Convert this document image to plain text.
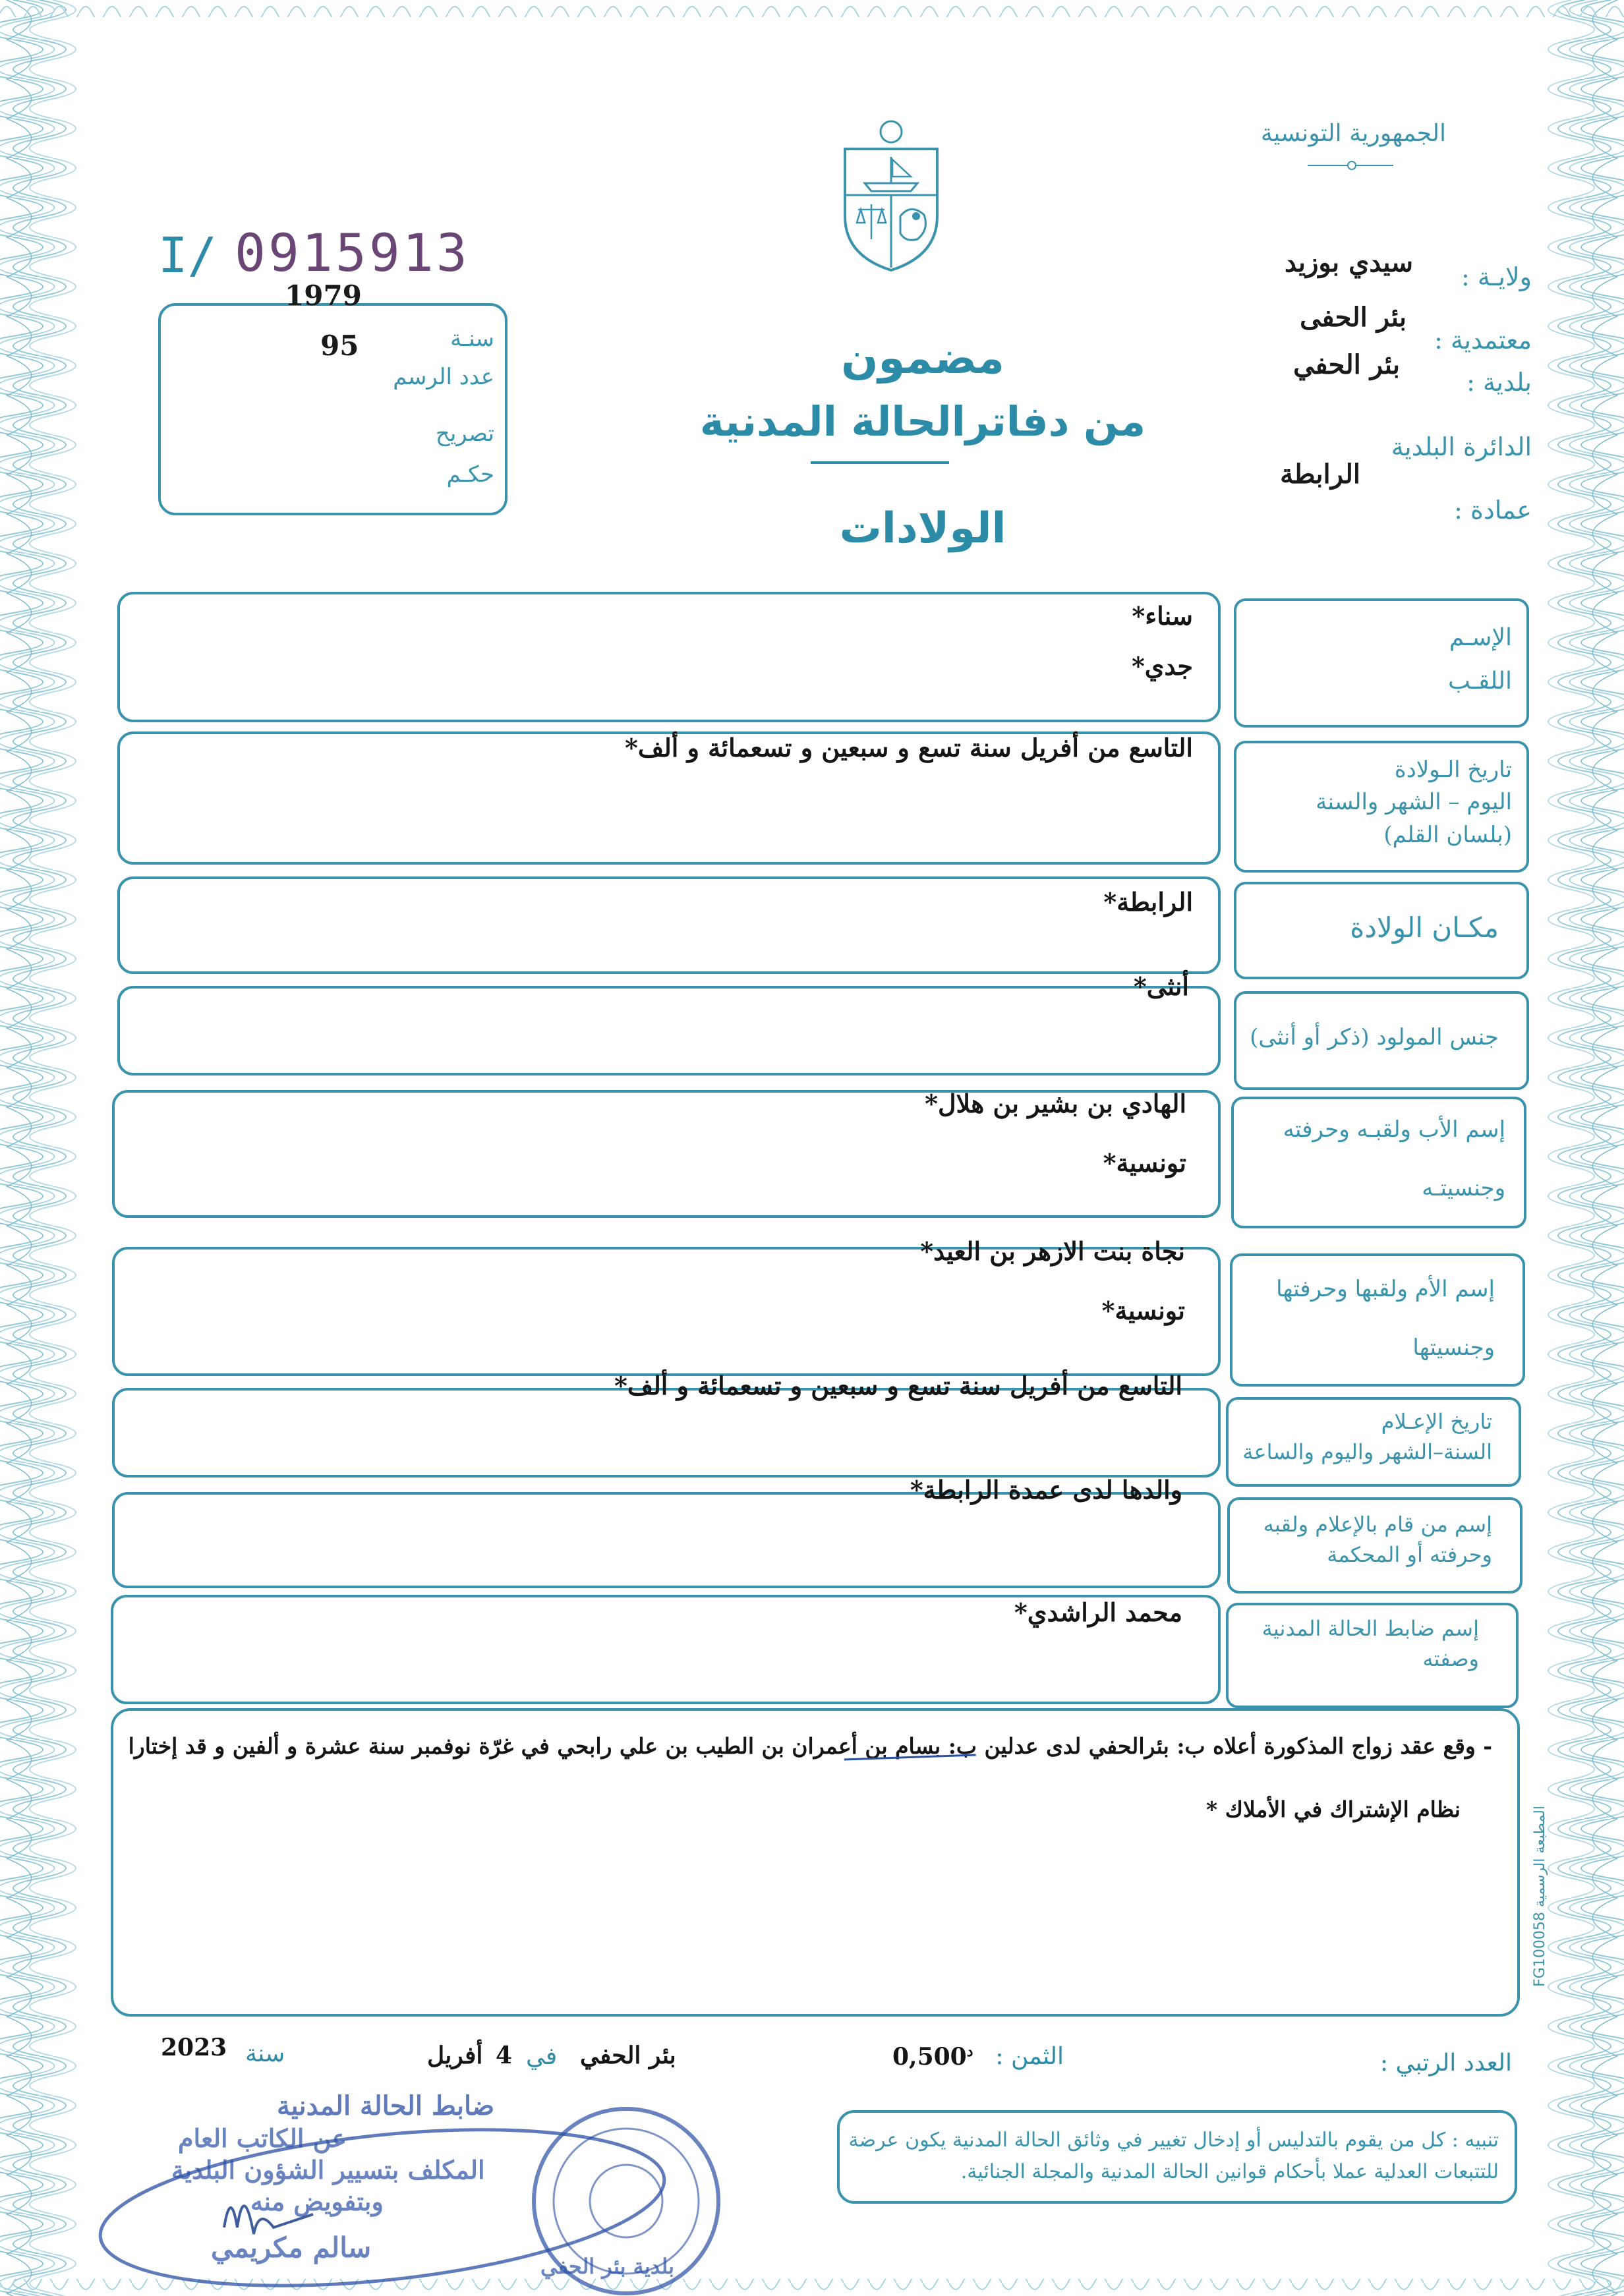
الجمهورية التونسية
ولايـة :
سيدي بوزيد
معتمدية :
بئر الحفى
بلدية :
بئر الحفي
الدائرة البلدية
عمادة :
الرابطة
I/ 0915913
1979
سنـة
95
عدد الرسم
تصريح
حكـم
مضمون
من دفاترالحالة المدنية
الولادات
الإسـم
اللقـب
سناء*
جدي*
تاريخ الـولادة
اليوم – الشهر والسنة
(بلسان القلم)
التاسع من أفريل سنة تسع و سبعين و تسعمائة و ألف*
مكـان الولادة
الرابطة*
جنس المولود (ذكر أو أنثى)
أنثى*
إسم الأب ولقبـه وحرفته
وجنسيتـه
الهادي بن بشير بن هلال*
تونسية*
إسم الأم ولقبها وحرفتها
وجنسيتها
نجاة بنت الازهر بن العيد*
تونسية*
تاريخ الإعـلام
السنة–الشهر واليوم والساعة
التاسع من أفريل سنة تسع و سبعين و تسعمائة و ألف*
إسم من قام بالإعلام ولقبه
وحرفته أو المحكمة
والدها لدى عمدة الرابطة*
إسم ضابط الحالة المدنية
وصفته
محمد الراشدي*
- وقع عقد زواج المذكورة أعلاه ب: بئرالحفي لدى عدلين ب: بسام بن أعمران بن الطيب بن علي رابحي في غرّة نوفمبر سنة عشرة و ألفين و قد إختارا
نظام الإشتراك في الأملاك *
المطبعة الرسمية FG100058
العدد الرتبي :
الثمن :
$0,500^د$
بئر الحفي
في
4
أفريل
سنة
2023
تنبيه : كل من يقوم بالتدليس أو إدخال تغيير في وثائق الحالة المدنية يكون عرضة
للتتبعات العدلية عملا بأحكام قوانين الحالة المدنية والمجلة الجنائية.
ضابط الحالة المدنية
عن الكاتب العام
المكلف بتسيير الشؤون البلدية
وبتفويض منه
سالم مكريمي
بلدية بئر الحفي
